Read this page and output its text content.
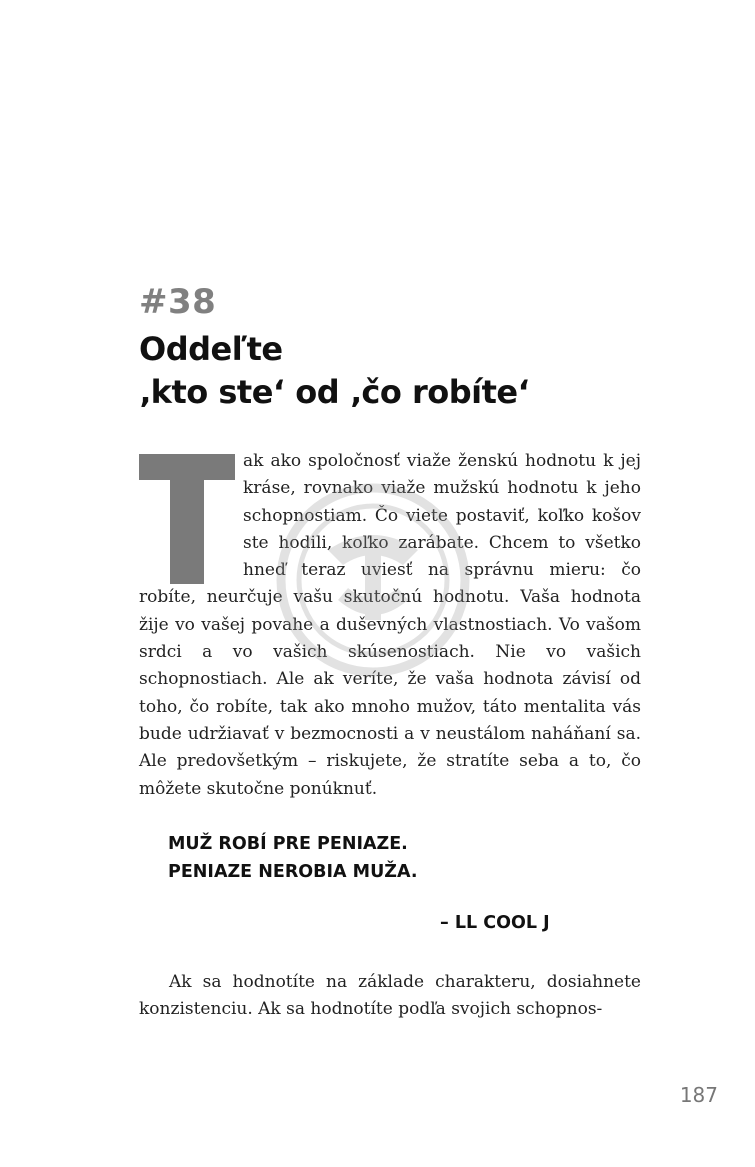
#38
Oddeľte
‚kto ste‘ od ‚čo robíte‘

ak ako spoločnosť viaže ženskú hodnotu k jej kráse, rovnako viaže mužskú hodnotu k jeho schopnostiam. Čo viete postaviť, koľko košov ste hodili, koľko zarábate. Chcem to všetko hneď teraz uviesť na správnu mieru: čo robíte, neurčuje vašu skutočnú hodnotu. Vaša hodnota žije vo vašej povahe a duševných vlastnostiach. Vo vašom srdci a vo vašich skúsenostiach. Nie vo vašich schopnostiach. Ale ak veríte, že vaša hodnota závisí od toho, čo robíte, tak ako mnoho mužov, táto mentalita vás bude udržiavať v bezmocnosti a v neustálom naháňaní sa. Ale predovšetkým – riskujete, že stratíte seba a to, čo môžete skutočne ponúknuť.

MUŽ ROBÍ PRE PENIAZE.
PENIAZE NEROBIA MUŽA.

– LL COOL J

Ak sa hodnotíte na základe charakteru, dosiahnete konzistenciu. Ak sa hodnotíte podľa svojich schopnos-

187
